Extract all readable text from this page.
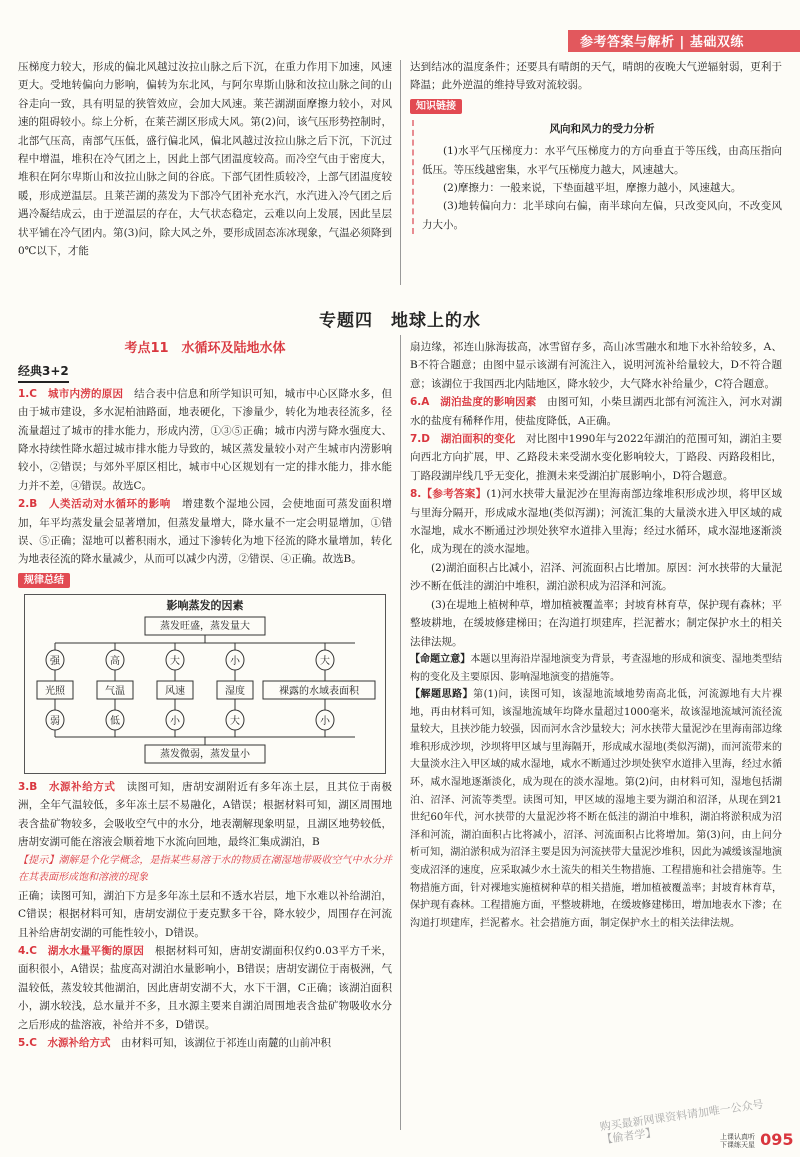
参考答案与解析 | 基础双练

压梯度力较大，形成的偏北风越过汝拉山脉之后下沉，在重力作用下加速，风速更大。受地转偏向力影响，偏转为东北风，与阿尔卑斯山脉和汝拉山脉之间的山谷走向一致，具有明显的狭管效应，会加大风速。莱芒湖湖面摩擦力较小，对风速的阻碍较小。综上分析，在莱芒湖区形成大风。第(2)问，该气压形势控制时，北部气压高，南部气压低，盛行偏北风，偏北风越过汝拉山脉之后下沉，下沉过程中增温，堆积在冷气团之上，因此上部气团温度较高。而冷空气由于密度大，堆积在阿尔卑斯山和汝拉山脉之间的谷底。下部气团性质较冷，上部气团温度较暖，形成逆温层。且莱芒湖的蒸发为下部冷气团补充水汽，水汽进入冷气团之后遇冷凝结成云，由于逆温层的存在，大气状态稳定，云难以向上发展，因此呈层状平铺在冷气团内。第(3)问，除大风之外，要形成固态冻冰现象，气温必须降到0℃以下，才能

达到结冰的温度条件；还要具有晴朗的天气，晴朗的夜晚大气逆辐射弱，更利于降温；此外逆温的维持导致对流较弱。

知识链接
风向和风力的受力分析

(1)水平气压梯度力：水平气压梯度力的方向垂直于等压线，由高压指向低压。等压线越密集，水平气压梯度力越大，风速越大。

(2)摩擦力：一般来说，下垫面越平坦，摩擦力越小，风速越大。

(3)地转偏向力：北半球向右偏，南半球向左偏，只改变风向，不改变风力大小。

专题四　地球上的水
考点11　水循环及陆地水体
经典3+2

1.C　城市内涝的原因　 结合表中信息和所学知识可知，城市中心区降水多，但由于城市建设，多水泥柏油路面，地表硬化，下渗量少，转化为地表径流多，径流量超过了城市的排水能力，形成内涝，①③⑤正确；城市内涝与降水强度大、降水持续性降水超过城市排水能力导致的，城区蒸发量较小对产生城市内涝影响较小，②错误；与郊外平原区相比，城市中心区规划有一定的排水能力，排水能力并不差，④错误。故选C。

2.B　人类活动对水循环的影响　 增建数个湿地公园，会使地面可蒸发面积增加，年平均蒸发量会显著增加，但蒸发量增大，降水量不一定会明显增加，①错误、⑤正确；湿地可以蓄积雨水，通过下渗转化为地下径流的降水量增加，转化为地表径流的降水量减少，从而可以减少内涝，②错误、④正确。故选B。

规律总结
影响蒸发的因素
蒸发旺盛，蒸发量大
蒸发微弱，蒸发量小
强	高	大	小	大
光照	气温	风速	湿度	裸露的水域表面积
弱	低	小	大	小

3.B　水源补给方式　 读图可知，唐胡安湖附近有多年冻土层，且其位于南极洲，全年气温较低，多年冻土层不易融化，A错误；根据材料可知，湖区周围地表含盐矿物较多，会吸收空气中的水分，地表潮解现象明显，且湖区地势较低，唐胡安湖可能在溶液会顺着地下水流向回地，最终汇集成湖泊，B

【提示】潮解是个化学概念，是指某些易溶于水的物质在潮湿地带吸收空气中水分并在其表面形成饱和溶液的现象

正确；读图可知，湖泊下方是多年冻土层和不透水岩层，地下水难以补给湖泊，C错误；根据材料可知，唐胡安湖位于麦克默多干谷，降水较少，周围存在河流且补给唐胡安湖的可能性较小，D错误。

4.C　湖水水量平衡的原因　 根据材料可知，唐胡安湖面积仅约0.03平方千米，面积很小，A错误；盐度高对湖泊水量影响小，B错误；唐胡安湖位于南极洲，气温较低，蒸发较其他湖泊，因此唐胡安湖不大，水下干涸，C正确；该湖泊面积小，湖水较浅，总水量并不多，且水源主要来自湖泊周围地表含盐矿物吸收水分之后形成的盐溶液，补给并不多，D错误。

5.C　水源补给方式　 由材料可知，该湖位于祁连山南麓的山前冲积

扇边缘，祁连山脉海拔高，冰雪留存多，高山冰雪融水和地下水补给较多，A、B不符合题意；由图中显示该湖有河流注入，说明河流补给量较大，D不符合题意；该湖位于我国西北内陆地区，降水较少，大气降水补给量少，C符合题意。

6.A　湖泊盐度的影响因素　 由图可知，小柴旦湖西北部有河流注入，河水对湖水的盐度有稀释作用，使盐度降低，A正确。

7.D　湖泊面积的变化　 对比图中1990年与2022年湖泊的范围可知，湖泊主要向西北方向扩展，甲、乙路段未来受湖水变化影响较大，丁路段、丙路段相比，丁路段湖岸线几乎无变化，推测未来受湖泊扩展影响小，D符合题意。

8.【参考答案】(1)河水挟带大量泥沙在里海南部边缘堆积形成沙坝，将甲区域与里海分隔开，形成咸水湿地(类似泻湖)；河流汇集的大量淡水进入甲区域的咸水湿地，咸水不断通过沙坝处狭窄水道排入里海；经过水循环，咸水湿地逐渐淡化，成为现在的淡水湿地。

(2)湖泊面积占比减小，沼泽、河流面积占比增加。原因：河水挟带的大量泥沙不断在低洼的湖泊中堆积，湖泊淤积成为沼泽和河流。

(3)在堤地上植树种草，增加植被覆盖率；封坡育林育草，保护现有森林；平整坡耕地，在缓坡修建梯田；在沟道打坝建库，拦泥蓄水；制定保护水土的相关法律法规。

【命题立意】本题以里海沿岸湿地演变为背景，考查湿地的形成和演变、湿地类型结构的变化及主要原因、影响湿地演变的措施等。

【解题思路】第(1)问，读图可知，该湿地流域地势南高北低，河流源地有大片裸地，再由材料可知，该湿地流域年均降水量超过1000毫米，故该湿地流域河流径流量较大，且挟沙能力较强，因而河水含沙量较大；河水挟带大量泥沙在里海南部边缘堆积形成沙坝，沙坝将甲区域与里海隔开，形成咸水湿地(类似泻湖)，而河流带来的大量淡水注入甲区域的咸水湿地，咸水不断通过沙坝处狭窄水道排入里海，经过水循环，咸水湿地逐渐淡化，成为现在的淡水湿地。第(2)问，由材料可知，湿地包括湖泊、沼泽、河流等类型。读图可知，甲区域的湿地主要为湖泊和沼泽，从现在到21世纪60年代，河水挟带的大量泥沙将不断在低洼的湖泊中堆积，湖泊将淤积成为沼泽和河流，湖泊面积占比将减小，沼泽、河流面积占比将增加。第(3)问，由上问分析可知，湖泊淤积成为沼泽主要是因为河流挟带大量泥沙堆积，因此为减缓该湿地演变成沼泽的速度，应采取减少水土流失的相关生物措施、工程措施和社会措施等。生物措施方面，针对裸地实施植树种草的相关措施，增加植被覆盖率；封坡育林育草，保护现有森林。工程措施方面，平整坡耕地，在缓坡修建梯田，增加地表水下渗；在沟道打坝建库，拦泥蓄水。社会措施方面，制定保护水土的相关法律法规。

购买最新网课资料请加唯一公众号【偷者学】	上课认真听
下课练天星 095
